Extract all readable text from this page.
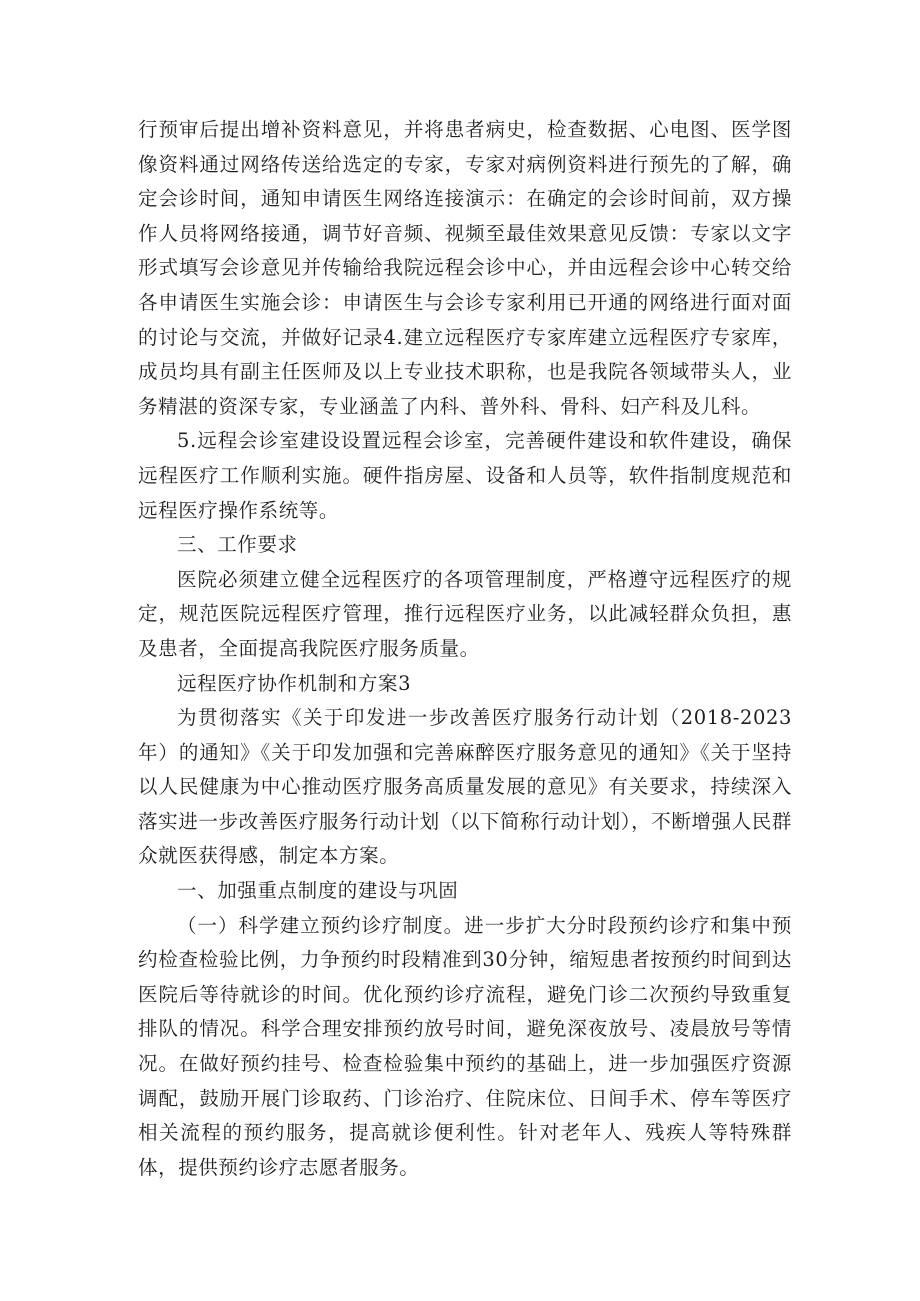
行预审后提出增补资料意见，并将患者病史，检查数据、心电图、医学图像资料通过网络传送给选定的专家，专家对病例资料进行预先的了解，确定会诊时间，通知申请医生网络连接演示：在确定的会诊时间前，双方操作人员将网络接通，调节好音频、视频至最佳效果意见反馈：专家以文字形式填写会诊意见并传输给我院远程会诊中心，并由远程会诊中心转交给各申请医生实施会诊：申请医生与会诊专家利用已开通的网络进行面对面的讨论与交流，并做好记录4.建立远程医疗专家库建立远程医疗专家库，成员均具有副主任医师及以上专业技术职称，也是我院各领域带头人，业务精湛的资深专家，专业涵盖了内科、普外科、骨科、妇产科及儿科。

5.远程会诊室建设设置远程会诊室，完善硬件建设和软件建设，确保远程医疗工作顺利实施。硬件指房屋、设备和人员等，软件指制度规范和远程医疗操作系统等。

三、工作要求

医院必须建立健全远程医疗的各项管理制度，严格遵守远程医疗的规定，规范医院远程医疗管理，推行远程医疗业务，以此减轻群众负担，惠及患者，全面提高我院医疗服务质量。

远程医疗协作机制和方案3

为贯彻落实《关于印发进一步改善医疗服务行动计划（2018-2023年）的通知》《关于印发加强和完善麻醉医疗服务意见的通知》《关于坚持以人民健康为中心推动医疗服务高质量发展的意见》有关要求，持续深入落实进一步改善医疗服务行动计划（以下简称行动计划），不断增强人民群众就医获得感，制定本方案。

一、加强重点制度的建设与巩固

（一）科学建立预约诊疗制度。进一步扩大分时段预约诊疗和集中预约检查检验比例，力争预约时段精准到30分钟，缩短患者按预约时间到达医院后等待就诊的时间。优化预约诊疗流程，避免门诊二次预约导致重复排队的情况。科学合理安排预约放号时间，避免深夜放号、凌晨放号等情况。在做好预约挂号、检查检验集中预约的基础上，进一步加强医疗资源调配，鼓励开展门诊取药、门诊治疗、住院床位、日间手术、停车等医疗相关流程的预约服务，提高就诊便利性。针对老年人、残疾人等特殊群体，提供预约诊疗志愿者服务。
